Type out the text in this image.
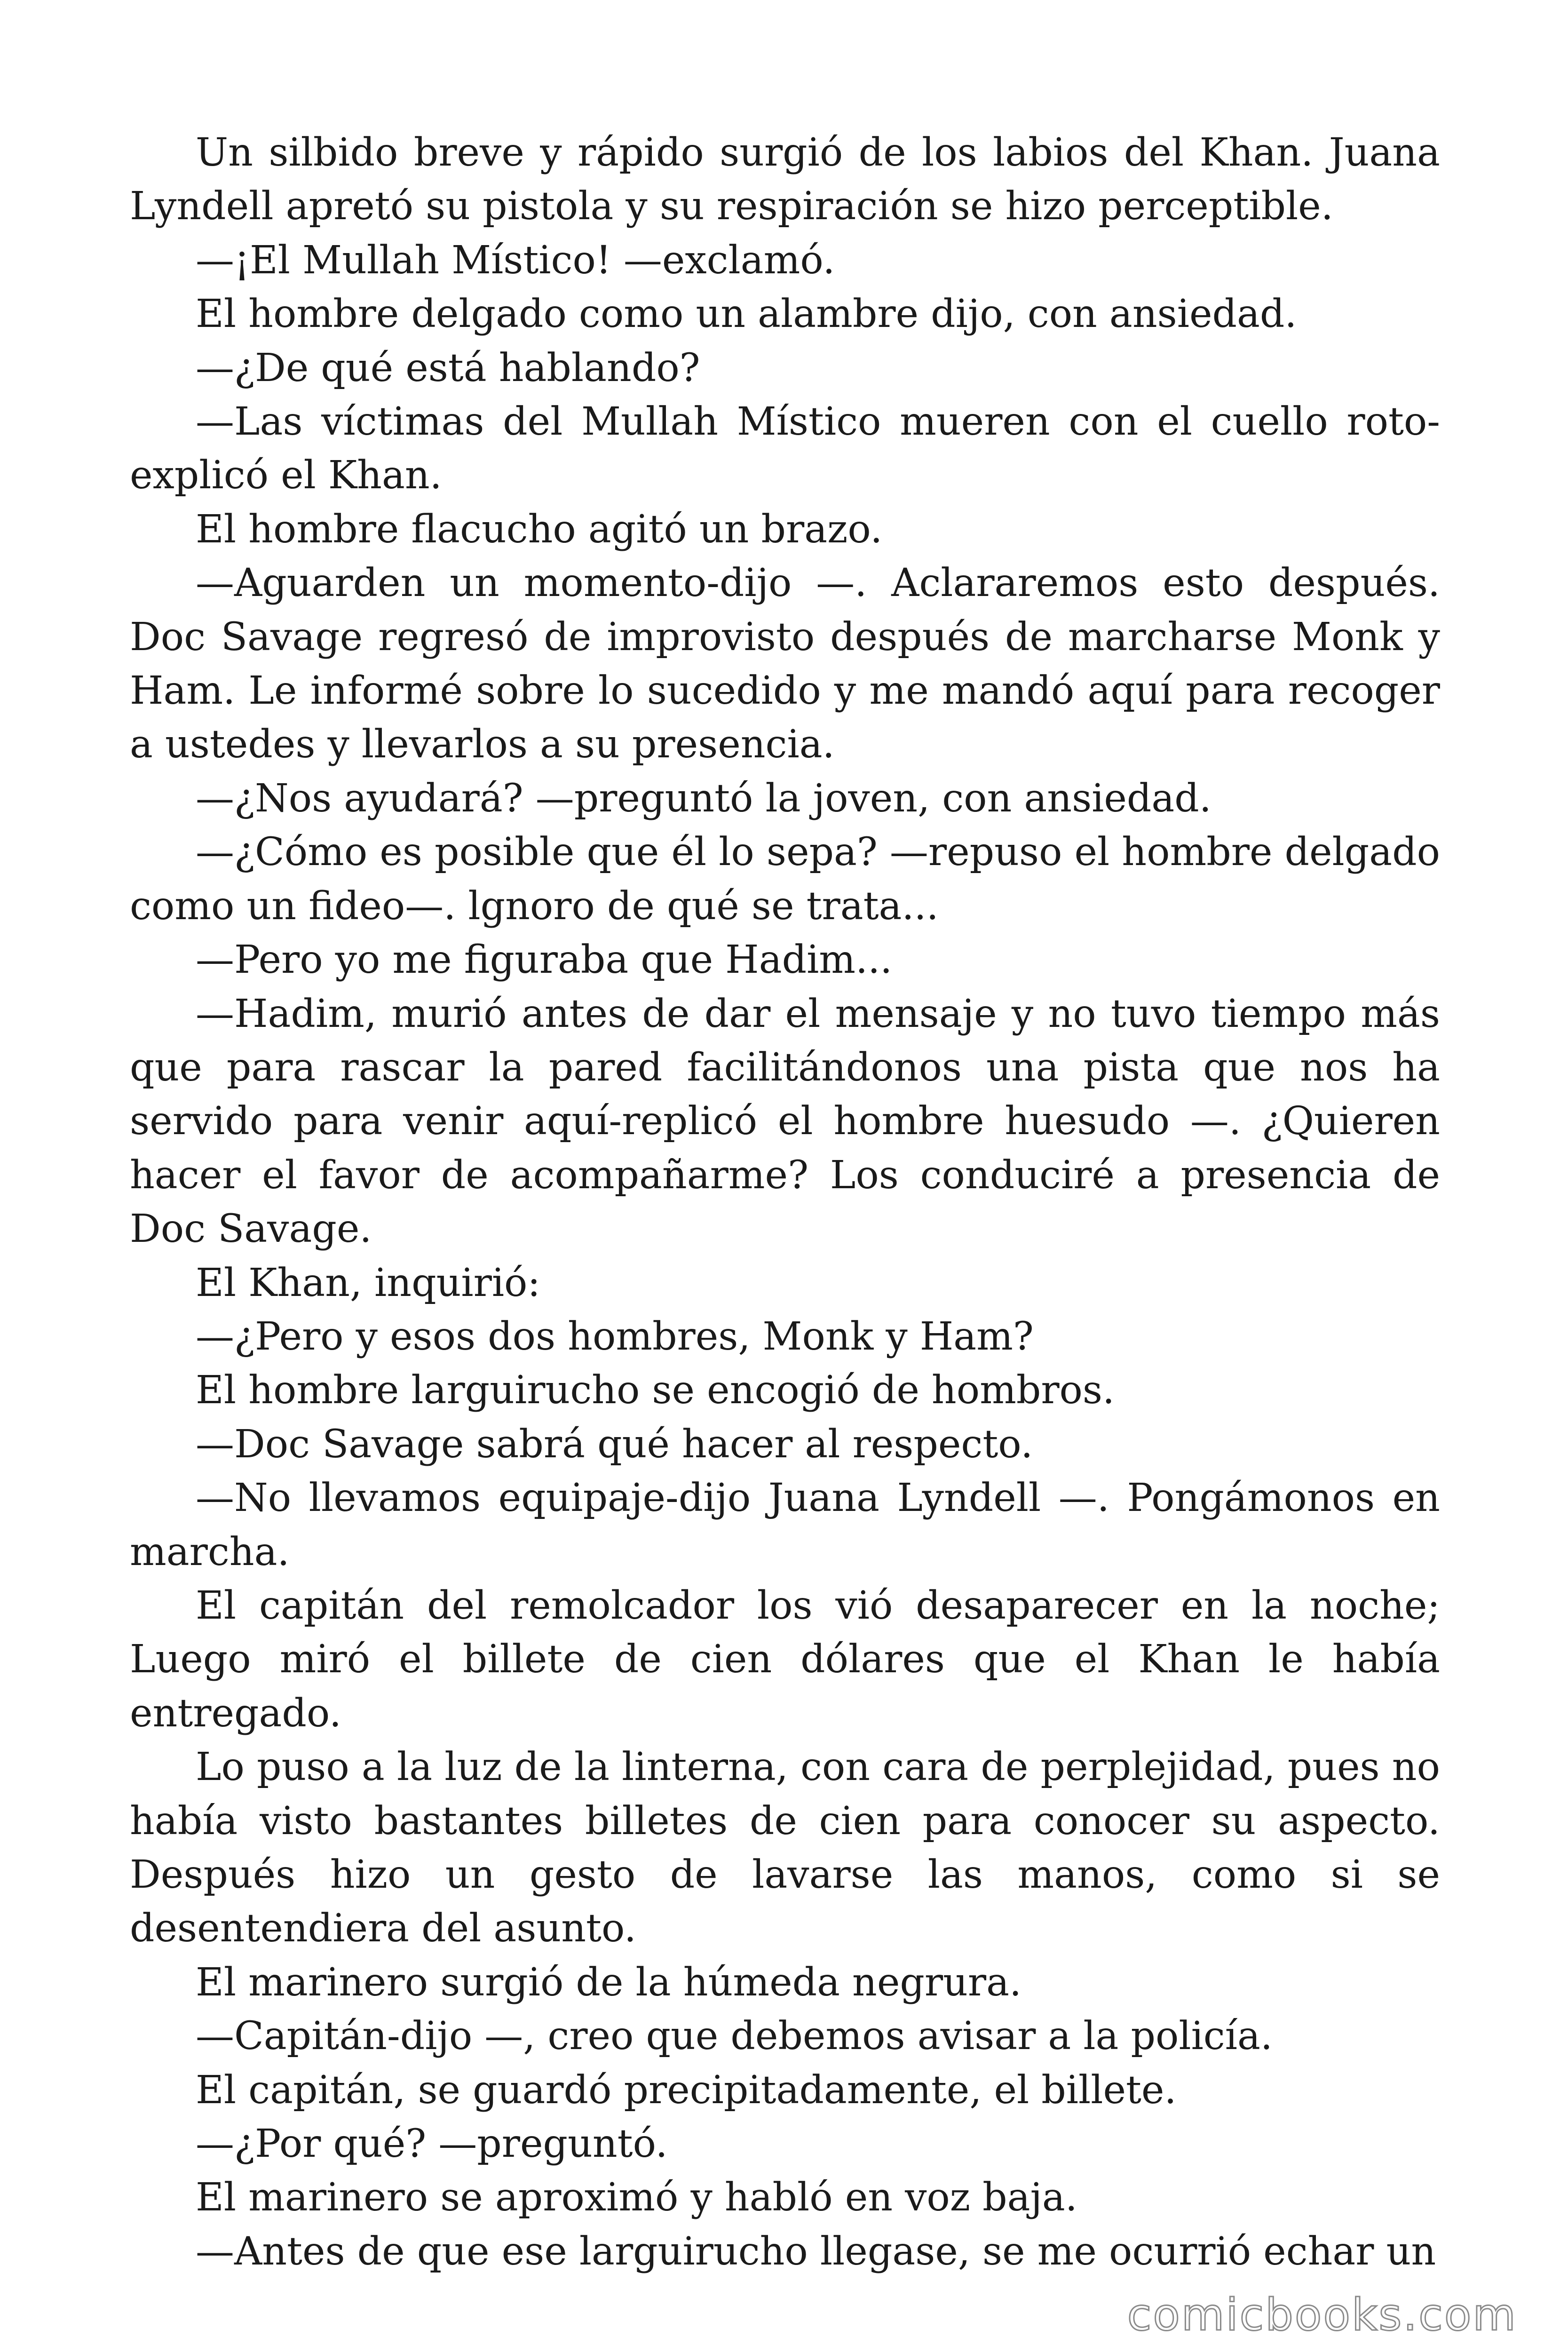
Un silbido breve y rápido surgió de los labios del Khan. Juana Lyndell apretó su pistola y su respiración se hizo perceptible.

—¡El Mullah Místico! —exclamó.

El hombre delgado como un alambre dijo, con ansiedad.

—¿De qué está hablando?

—Las víctimas del Mullah Místico mueren con el cuello roto-explicó el Khan.

El hombre flacucho agitó un brazo.

—Aguarden un momento-dijo —. Aclararemos esto después. Doc Savage regresó de improvisto después de marcharse Monk y Ham. Le informé sobre lo sucedido y me mandó aquí para recoger a ustedes y llevarlos a su presencia.

—¿Nos ayudará? —preguntó la joven, con ansiedad.

—¿Cómo es posible que él lo sepa? —repuso el hombre delgado como un fideo—. lgnoro de qué se trata...

—Pero yo me figuraba que Hadim...

—Hadim, murió antes de dar el mensaje y no tuvo tiempo más que para rascar la pared facilitándonos una pista que nos ha servido para venir aquí-replicó el hombre huesudo —. ¿Quieren hacer el favor de acompañarme? Los conduciré a presencia de Doc Savage.

El Khan, inquirió:

—¿Pero y esos dos hombres, Monk y Ham?

El hombre larguirucho se encogió de hombros.

—Doc Savage sabrá qué hacer al respecto.

—No llevamos equipaje-dijo Juana Lyndell —. Pongámonos en marcha.

El capitán del remolcador los vió desaparecer en la noche; Luego miró el billete de cien dólares que el Khan le había entregado.

Lo puso a la luz de la linterna, con cara de perplejidad, pues no había visto bastantes billetes de cien para conocer su aspecto. Después hizo un gesto de lavarse las manos, como si se desentendiera del asunto.

El marinero surgió de la húmeda negrura.

—Capitán-dijo —, creo que debemos avisar a la policía.

El capitán, se guardó precipitadamente, el billete.

—¿Por qué? —preguntó.

El marinero se aproximó y habló en voz baja.

—Antes de que ese larguirucho llegase, se me ocurrió echar un

comicbooks.com
